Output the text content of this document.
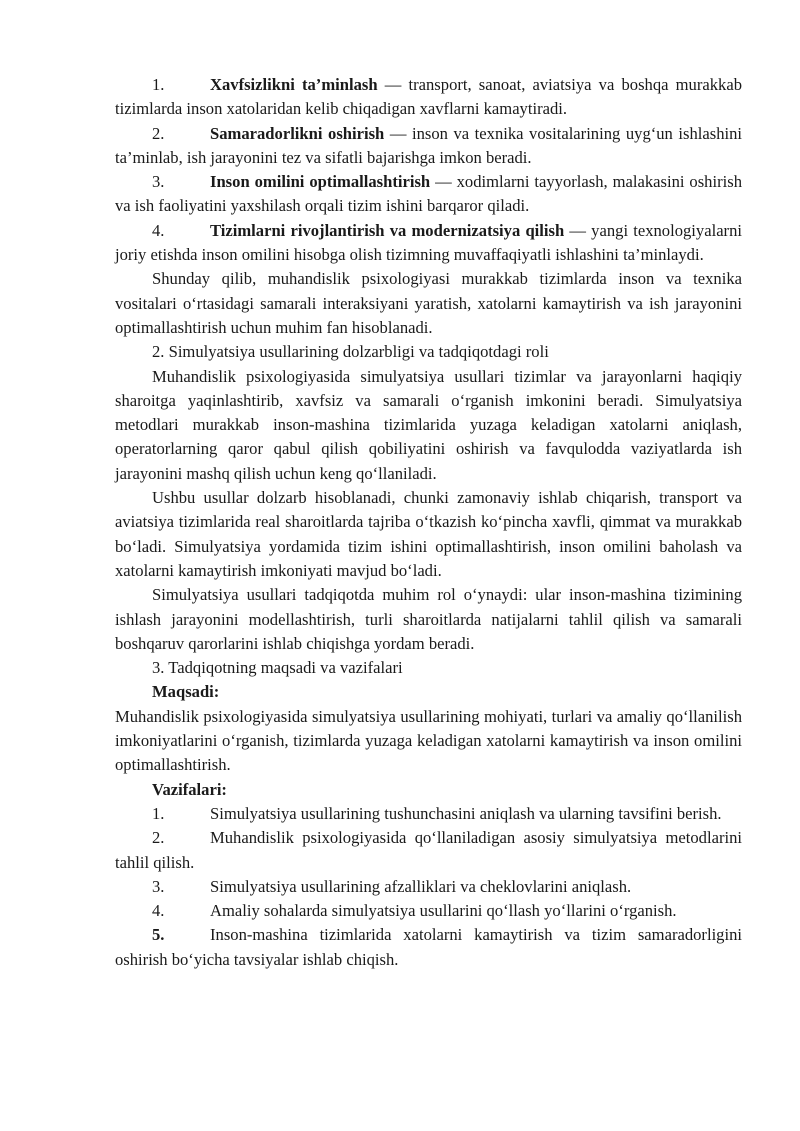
1.	Xavfsizlikni ta’minlash — transport, sanoat, aviatsiya va boshqa murakkab tizimlarda inson xatolaridan kelib chiqadigan xavflarni kamaytiradi.

2.	Samaradorlikni oshirish — inson va texnika vositalarining uyg‘un ishlashini ta’minlab, ish jarayonini tez va sifatli bajarishga imkon beradi.

3.	Inson omilini optimallashtirish — xodimlarni tayyorlash, malakasini oshirish va ish faoliyatini yaxshilash orqali tizim ishini barqaror qiladi.

4.	Tizimlarni rivojlantirish va modernizatsiya qilish — yangi texnologiyalarni joriy etishda inson omilini hisobga olish tizimning muvaffaqiyatli ishlashini ta’minlaydi.

Shunday qilib, muhandislik psixologiyasi murakkab tizimlarda inson va texnika vositalari o‘rtasidagi samarali interaksiyani yaratish, xatolarni kamaytirish va ish jarayonini optimallashtirish uchun muhim fan hisoblanadi.

2. Simulyatsiya usullarining dolzarbligi va tadqiqotdagi roli

Muhandislik psixologiyasida simulyatsiya usullari tizimlar va jarayonlarni haqiqiy sharoitga yaqinlashtirib, xavfsiz va samarali o‘rganish imkonini beradi. Simulyatsiya metodlari murakkab inson-mashina tizimlarida yuzaga keladigan xatolarni aniqlash, operatorlarning qaror qabul qilish qobiliyatini oshirish va favqulodda vaziyatlarda ish jarayonini mashq qilish uchun keng qo‘llaniladi.

Ushbu usullar dolzarb hisoblanadi, chunki zamonaviy ishlab chiqarish, transport va aviatsiya tizimlarida real sharoitlarda tajriba o‘tkazish ko‘pincha xavfli, qimmat va murakkab bo‘ladi. Simulyatsiya yordamida tizim ishini optimallashtirish, inson omilini baholash va xatolarni kamaytirish imkoniyati mavjud bo‘ladi.

Simulyatsiya usullari tadqiqotda muhim rol o‘ynaydi: ular inson-mashina tizimining ishlash jarayonini modellashtirish, turli sharoitlarda natijalarni tahlil qilish va samarali boshqaruv qarorlarini ishlab chiqishga yordam beradi.

3. Tadqiqotning maqsadi va vazifalari

Maqsadi:

Muhandislik psixologiyasida simulyatsiya usullarining mohiyati, turlari va amaliy qo‘llanilish imkoniyatlarini o‘rganish, tizimlarda yuzaga keladigan xatolarni kamaytirish va inson omilini optimallashtirish.

Vazifalari:

1.	Simulyatsiya usullarining tushunchasini aniqlash va ularning tavsifini berish.

2.	Muhandislik psixologiyasida qo‘llaniladigan asosiy simulyatsiya metodlarini tahlil qilish.

3.	Simulyatsiya usullarining afzalliklari va cheklovlarini aniqlash.

4.	Amaliy sohalarda simulyatsiya usullarini qo‘llash yo‘llarini o‘rganish.

5.	Inson-mashina tizimlarida xatolarni kamaytirish va tizim samaradorligini oshirish bo‘yicha tavsiyalar ishlab chiqish.
